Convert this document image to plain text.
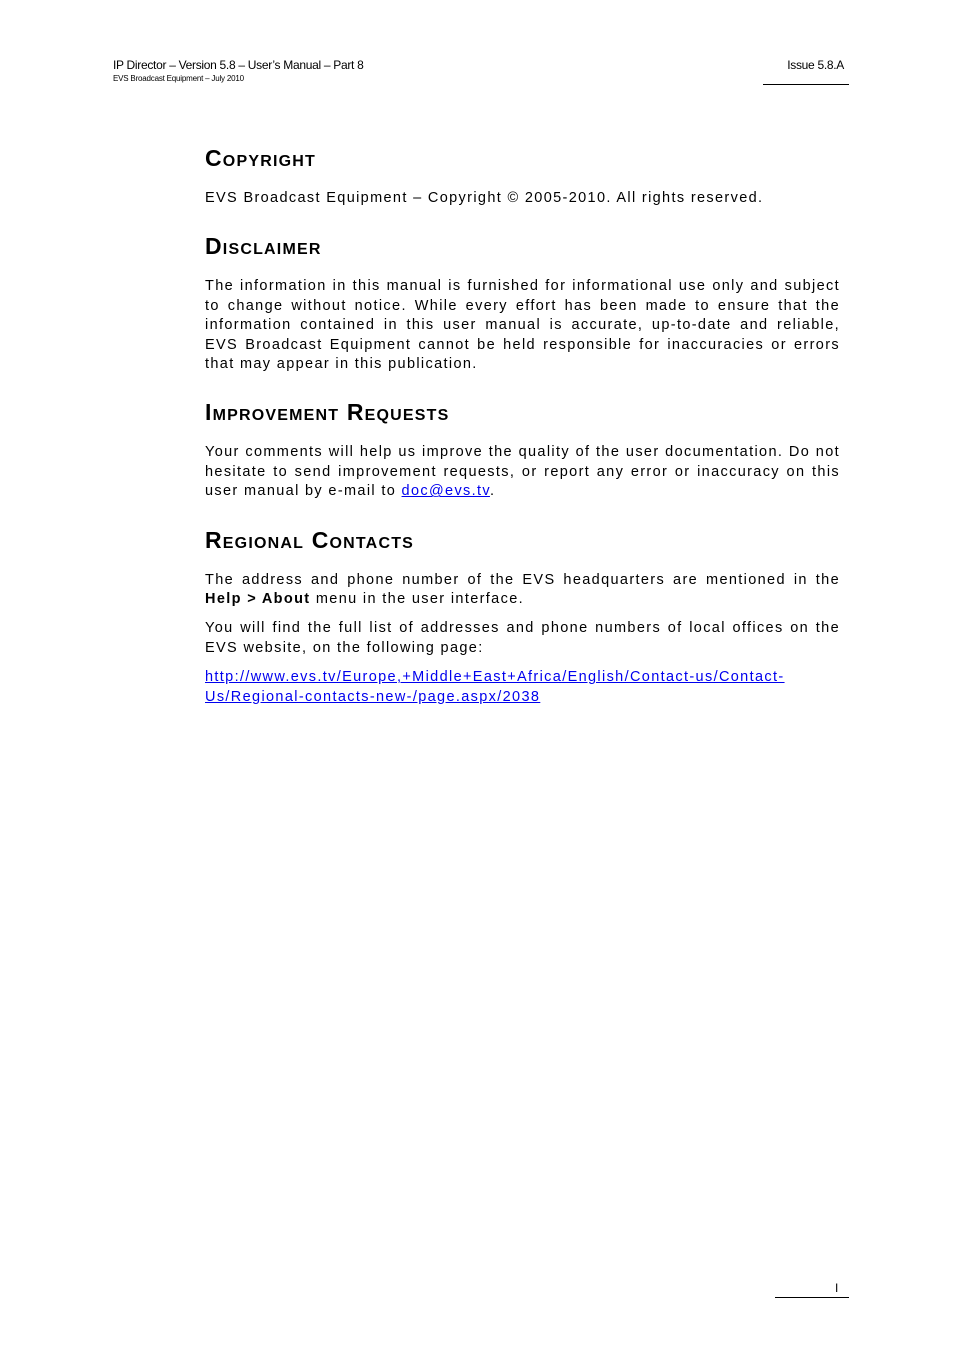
IP Director – Version 5.8 – User’s Manual – Part 8
EVS Broadcast Equipment – July 2010
Issue 5.8.A
Copyright

EVS Broadcast Equipment – Copyright © 2005-2010. All rights reserved.

Disclaimer

The information in this manual is furnished for informational use only and subject to change without notice. While every effort has been made to ensure that the information contained in this user manual is accurate, up-to-date and reliable, EVS Broadcast Equipment cannot be held responsible for inaccuracies or errors that may appear in this publication.

Improvement Requests

Your comments will help us improve the quality of the user documentation. Do not hesitate to send improvement requests, or report any error or inaccuracy on this user manual by e-mail to doc@evs.tv.

Regional Contacts

The address and phone number of the EVS headquarters are mentioned in the Help > About menu in the user interface.

You will find the full list of addresses and phone numbers of local offices on the EVS website, on the following page:

http://www.evs.tv/Europe,+Middle+East+Africa/English/Contact-us/Contact-
Us/Regional-contacts-new-/page.aspx/2038

I
